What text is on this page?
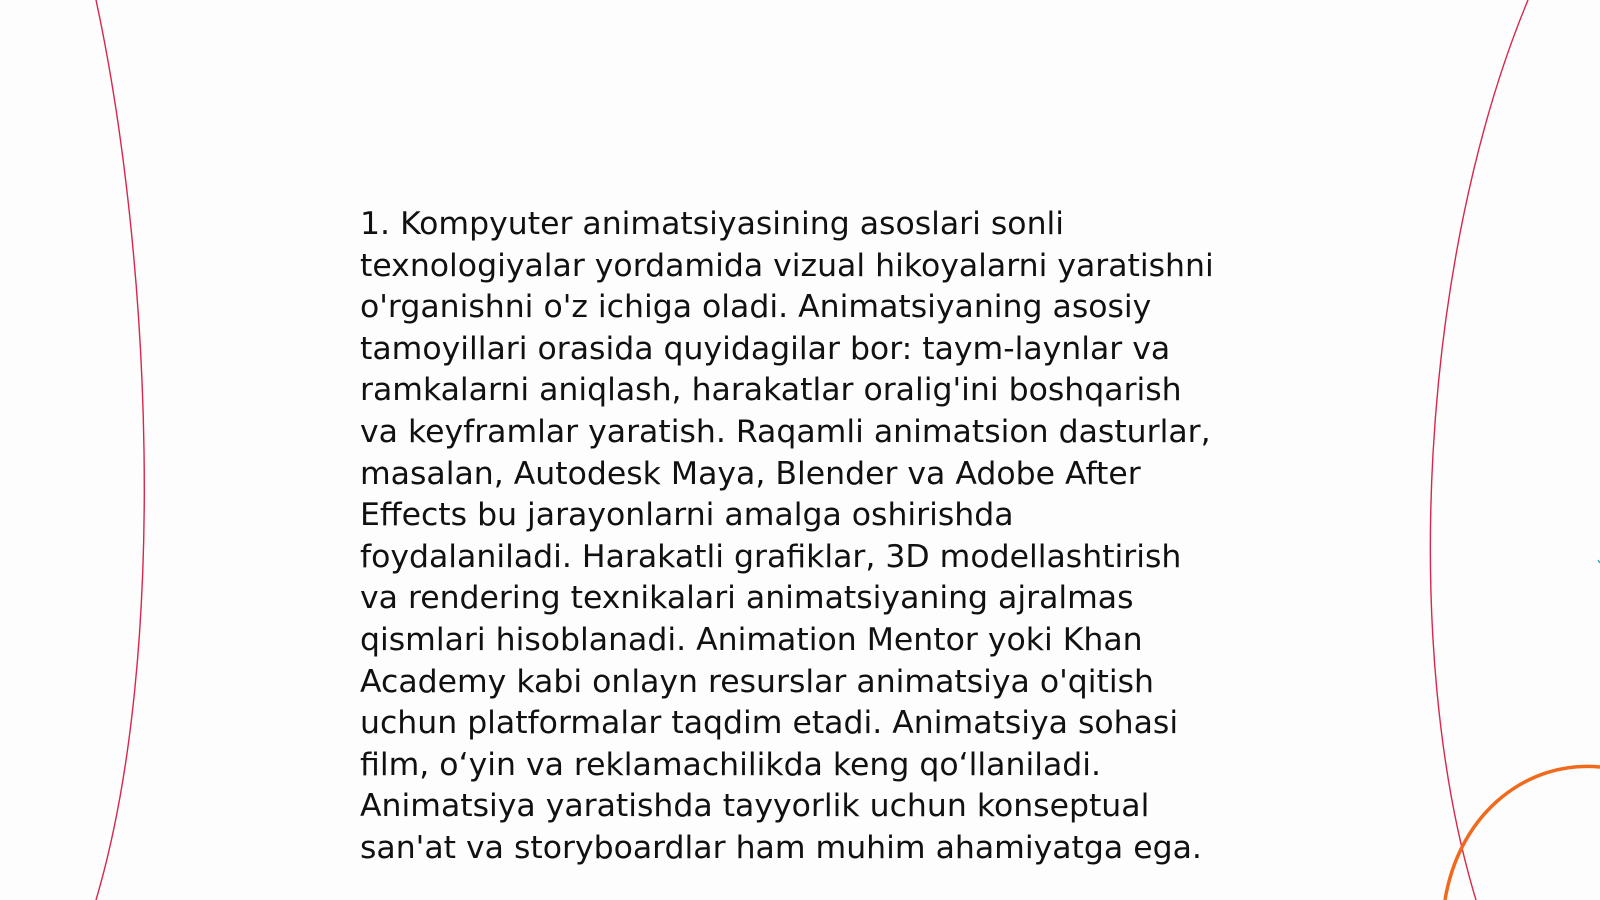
1. Kompyuter animatsiyasining asoslari sonli
texnologiyalar yordamida vizual hikoyalarni yaratishni
o'rganishni o'z ichiga oladi. Animatsiyaning asosiy
tamoyillari orasida quyidagilar bor: taym-laynlar va
ramkalarni aniqlash, harakatlar oralig'ini boshqarish
va keyframlar yaratish. Raqamli animatsion dasturlar,
masalan, Autodesk Maya, Blender va Adobe After
Effects bu jarayonlarni amalga oshirishda
foydalaniladi. Harakatli grafiklar, 3D modellashtirish
va rendering texnikalari animatsiyaning ajralmas
qismlari hisoblanadi. Animation Mentor yoki Khan
Academy kabi onlayn resurslar animatsiya o'qitish
uchun platformalar taqdim etadi. Animatsiya sohasi
film, o‘yin va reklamachilikda keng qo‘llaniladi.
Animatsiya yaratishda tayyorlik uchun konseptual
san'at va storyboardlar ham muhim ahamiyatga ega.
